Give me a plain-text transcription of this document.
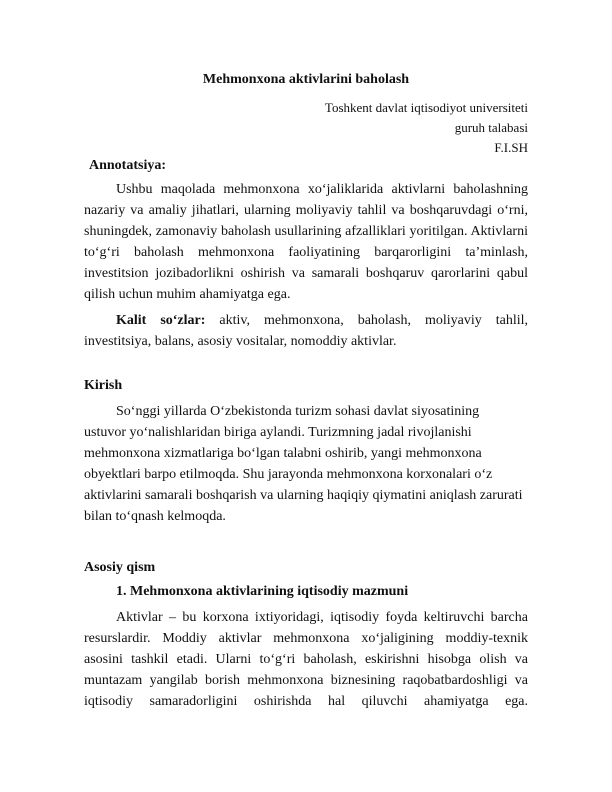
Mehmonxona aktivlarini baholash
Toshkent davlat iqtisodiyot universiteti
guruh talabasi
F.I.SH
Annotatsiya:

Ushbu maqolada mehmonxona xo‘jaliklarida aktivlarni baholashning nazariy va amaliy jihatlari, ularning moliyaviy tahlil va boshqaruvdagi o‘rni, shuningdek, zamonaviy baholash usullarining afzalliklari yoritilgan. Aktivlarni to‘g‘ri baholash mehmonxona faoliyatining barqarorligini ta’minlash, investitsion jozibadorlikni oshirish va samarali boshqaruv qarorlarini qabul qilish uchun muhim ahamiyatga ega.

Kalit so‘zlar: aktiv, mehmonxona, baholash, moliyaviy tahlil, investitsiya, balans, asosiy vositalar, nomoddiy aktivlar.

Kirish

So‘nggi yillarda O‘zbekistonda turizm sohasi davlat siyosatining ustuvor yo‘nalishlaridan biriga aylandi. Turizmning jadal rivojlanishi mehmonxona xizmatlariga bo‘lgan talabni oshirib, yangi mehmonxona obyektlari barpo etilmoqda. Shu jarayonda mehmonxona korxonalari o‘z aktivlarini samarali boshqarish va ularning haqiqiy qiymatini aniqlash zarurati bilan to‘qnash kelmoqda.

Asosiy qism
1. Mehmonxona aktivlarining iqtisodiy mazmuni

Aktivlar – bu korxona ixtiyoridagi, iqtisodiy foyda keltiruvchi barcha resurslardir. Moddiy aktivlar mehmonxona xo‘jaligining moddiy-texnik asosini tashkil etadi. Ularni to‘g‘ri baholash, eskirishni hisobga olish va muntazam yangilab borish mehmonxona biznesining raqobatbardoshligi va iqtisodiy samaradorligini oshirishda hal qiluvchi ahamiyatga ega.
